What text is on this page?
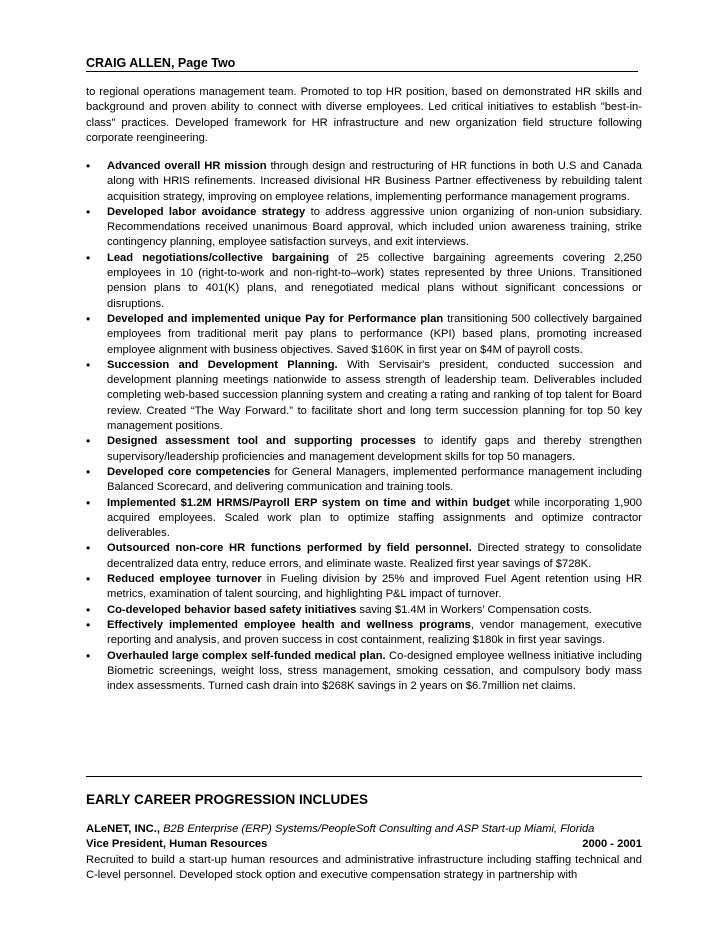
CRAIG ALLEN, Page Two
to regional operations management team. Promoted to top HR position, based on demonstrated HR skills and background and proven ability to connect with diverse employees. Led critical initiatives to establish "best-in-class" practices. Developed framework for HR infrastructure and new organization field structure following corporate reengineering.
• Advanced overall HR mission through design and restructuring of HR functions in both U.S and Canada along with HRIS refinements. Increased divisional HR Business Partner effectiveness by rebuilding talent acquisition strategy, improving on employee relations, implementing performance management programs.
• Developed labor avoidance strategy to address aggressive union organizing of non-union subsidiary. Recommendations received unanimous Board approval, which included union awareness training, strike contingency planning, employee satisfaction surveys, and exit interviews.
• Lead negotiations/collective bargaining of 25 collective bargaining agreements covering 2,250 employees in 10 (right-to-work and non-right-to–work) states represented by three Unions. Transitioned pension plans to 401(K) plans, and renegotiated medical plans without significant concessions or disruptions.
• Developed and implemented unique Pay for Performance plan transitioning 500 collectively bargained employees from traditional merit pay plans to performance (KPI) based plans, promoting increased employee alignment with business objectives. Saved $160K in first year on $4M of payroll costs.
• Succession and Development Planning. With Servisair's president, conducted succession and development planning meetings nationwide to assess strength of leadership team. Deliverables included completing web-based succession planning system and creating a rating and ranking of top talent for Board review. Created “The Way Forward.” to facilitate short and long term succession planning for top 50 key management positions.
• Designed assessment tool and supporting processes to identify gaps and thereby strengthen supervisory/leadership proficiencies and management development skills for top 50 managers.
• Developed core competencies for General Managers, implemented performance management including Balanced Scorecard, and delivering communication and training tools.
• Implemented $1.2M HRMS/Payroll ERP system on time and within budget while incorporating 1,900 acquired employees. Scaled work plan to optimize staffing assignments and optimize contractor deliverables.
• Outsourced non-core HR functions performed by field personnel. Directed strategy to consolidate decentralized data entry, reduce errors, and eliminate waste. Realized first year savings of $728K.
• Reduced employee turnover in Fueling division by 25% and improved Fuel Agent retention using HR metrics, examination of talent sourcing, and highlighting P&L impact of turnover.
• Co-developed behavior based safety initiatives saving $1.4M in Workers’ Compensation costs.
• Effectively implemented employee health and wellness programs, vendor management, executive reporting and analysis, and proven success in cost containment, realizing $180k in first year savings.
• Overhauled large complex self-funded medical plan. Co-designed employee wellness initiative including Biometric screenings, weight loss, stress management, smoking cessation, and compulsory body mass index assessments. Turned cash drain into $268K savings in 2 years on $6.7million net claims.
EARLY CAREER PROGRESSION INCLUDES
ALeNET, INC., B2B Enterprise (ERP) Systems/PeopleSoft Consulting and ASP Start-up Miami, Florida
Vice President, Human Resources	2000 - 2001
Recruited to build a start-up human resources and administrative infrastructure including staffing technical and C-level personnel. Developed stock option and executive compensation strategy in partnership with
